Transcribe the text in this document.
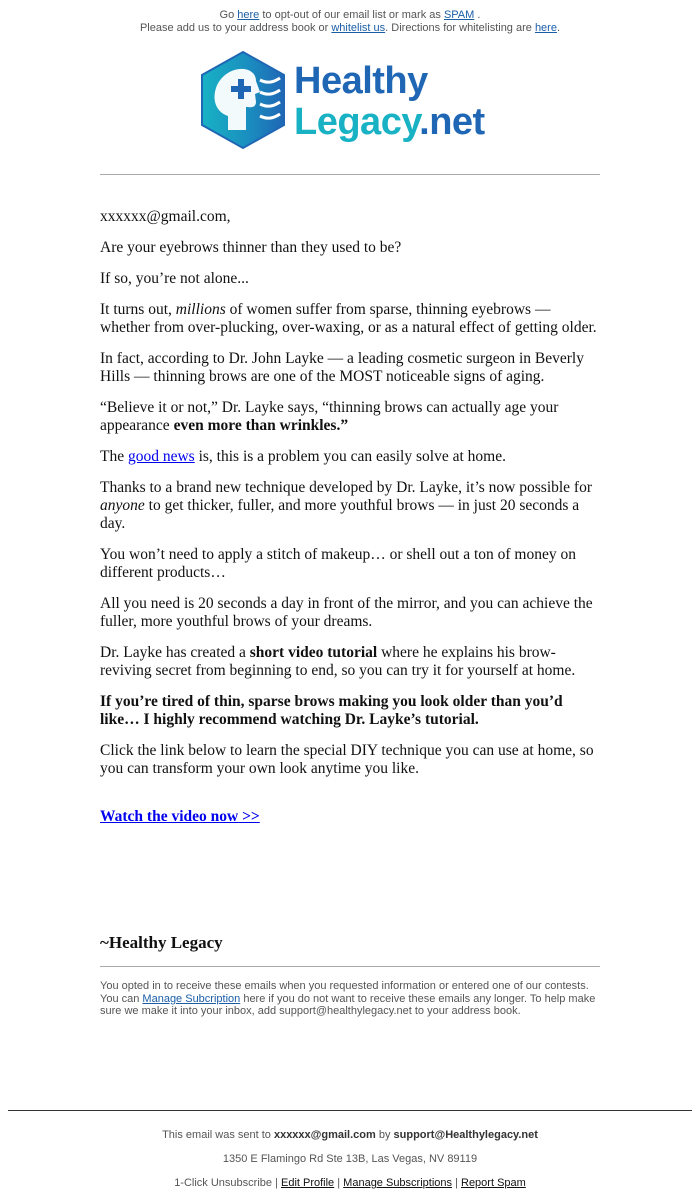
Go here to opt-out of our email list or mark as SPAM .
Please add us to your address book or whitelist us. Directions for whitelisting are here.
Healthy
Legacy.net

xxxxxx@gmail.com,

Are your eyebrows thinner than they used to be?

If so, you’re not alone...

It turns out, millions of women suffer from sparse, thinning eyebrows — whether from over-plucking, over-waxing, or as a natural effect of getting older.

In fact, according to Dr. John Layke — a leading cosmetic surgeon in Beverly Hills — thinning brows are one of the MOST noticeable signs of aging.

“Believe it or not,” Dr. Layke says, “thinning brows can actually age your appearance even more than wrinkles.”

The good news is, this is a problem you can easily solve at home.

Thanks to a brand new technique developed by Dr. Layke, it’s now possible for anyone to get thicker, fuller, and more youthful brows — in just 20 seconds a day.

You won’t need to apply a stitch of makeup… or shell out a ton of money on different products…

All you need is 20 seconds a day in front of the mirror, and you can achieve the fuller, more youthful brows of your dreams.

Dr. Layke has created a short video tutorial where he explains his brow-reviving secret from beginning to end, so you can try it for yourself at home.

If you’re tired of thin, sparse brows making you look older than you’d like… I highly recommend watching Dr. Layke’s tutorial.

Click the link below to learn the special DIY technique you can use at home, so you can transform your own look anytime you like.

Watch the video now >>
~Healthy Legacy
You opted in to receive these emails when you requested information or entered one of our contests. You can Manage Subcription here if you do not want to receive these emails any longer. To help make sure we make it into your inbox, add support@healthylegacy.net to your address book.
This email was sent to xxxxxx@gmail.com by support@Healthylegacy.net
1350 E Flamingo Rd Ste 13B, Las Vegas, NV 89119
1-Click Unsubscribe | Edit Profile | Manage Subscriptions | Report Spam
